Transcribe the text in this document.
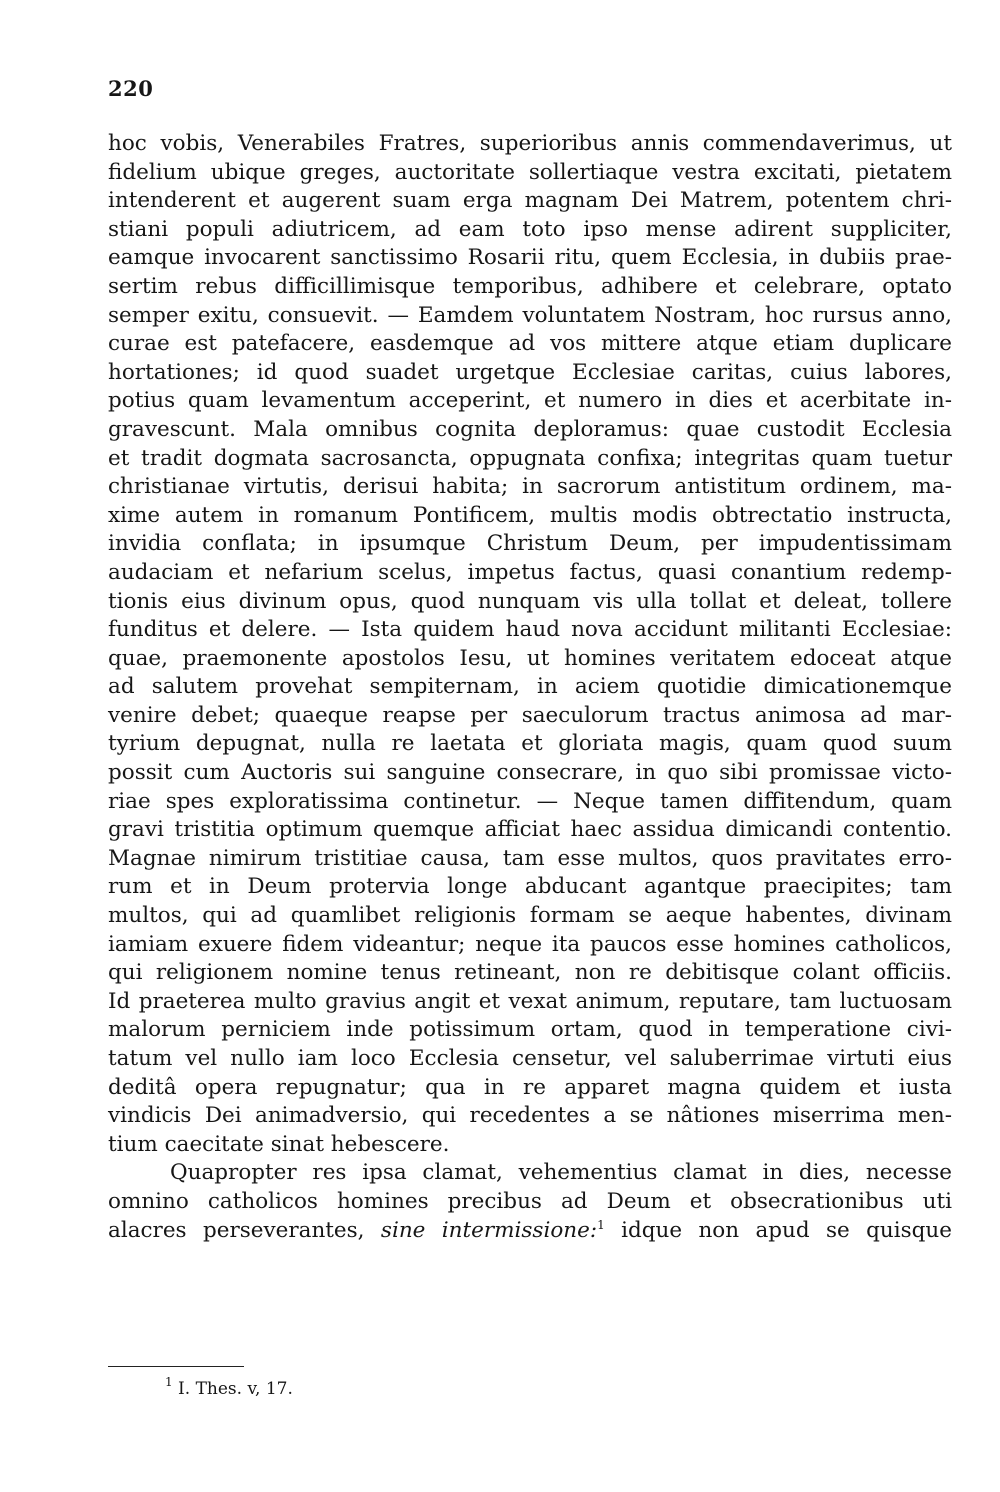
220
hoc vobis, Venerabiles Fratres, superioribus annis commendaverimus, ut
fidelium ubique greges, auctoritate sollertiaque vestra excitati, pietatem
intenderent et augerent suam erga magnam Dei Matrem, potentem chri-
stiani populi adiutricem, ad eam toto ipso mense adirent suppliciter,
eamque invocarent sanctissimo Rosarii ritu, quem Ecclesia, in dubiis prae-
sertim rebus difficillimisque temporibus, adhibere et celebrare, optato
semper exitu, consuevit. — Eamdem voluntatem Nostram, hoc rursus anno,
curae est patefacere, easdemque ad vos mittere atque etiam duplicare
hortationes; id quod suadet urgetque Ecclesiae caritas, cuius labores,
potius quam levamentum acceperint, et numero in dies et acerbitate in-
gravescunt. Mala omnibus cognita deploramus: quae custodit Ecclesia
et tradit dogmata sacrosancta, oppugnata confixa; integritas quam tuetur
christianae virtutis, derisui habita; in sacrorum antistitum ordinem, ma-
xime autem in romanum Pontificem, multis modis obtrectatio instructa,
invidia conflata; in ipsumque Christum Deum, per impudentissimam
audaciam et nefarium scelus, impetus factus, quasi conantium redemp-
tionis eius divinum opus, quod nunquam vis ulla tollat et deleat, tollere
funditus et delere. — Ista quidem haud nova accidunt militanti Ecclesiae:
quae, praemonente apostolos Iesu, ut homines veritatem edoceat atque
ad salutem provehat sempiternam, in aciem quotidie dimicationemque
venire debet; quaeque reapse per saeculorum tractus animosa ad mar-
tyrium depugnat, nulla re laetata et gloriata magis, quam quod suum
possit cum Auctoris sui sanguine consecrare, in quo sibi promissae victo-
riae spes exploratissima continetur. — Neque tamen diffitendum, quam
gravi tristitia optimum quemque afficiat haec assidua dimicandi contentio.
Magnae nimirum tristitiae causa, tam esse multos, quos pravitates erro-
rum et in Deum protervia longe abducant agantque praecipites; tam
multos, qui ad quamlibet religionis formam se aeque habentes, divinam
iamiam exuere fidem videantur; neque ita paucos esse homines catholicos,
qui religionem nomine tenus retineant, non re debitisque colant officiis.
Id praeterea multo gravius angit et vexat animum, reputare, tam luctuosam
malorum perniciem inde potissimum ortam, quod in temperatione civi-
tatum vel nullo iam loco Ecclesia censetur, vel saluberrimae virtuti eius
deditâ opera repugnatur; qua in re apparet magna quidem et iusta
vindicis Dei animadversio, qui recedentes a se nâtiones miserrima men-
tium caecitate sinat hebescere.
Quapropter res ipsa clamat, vehementius clamat in dies, necesse
omnino catholicos homines precibus ad Deum et obsecrationibus uti
alacres perseverantes, sine intermissione:$^1$ idque non apud se quisque
$^1$ I. Thes. v, 17.
